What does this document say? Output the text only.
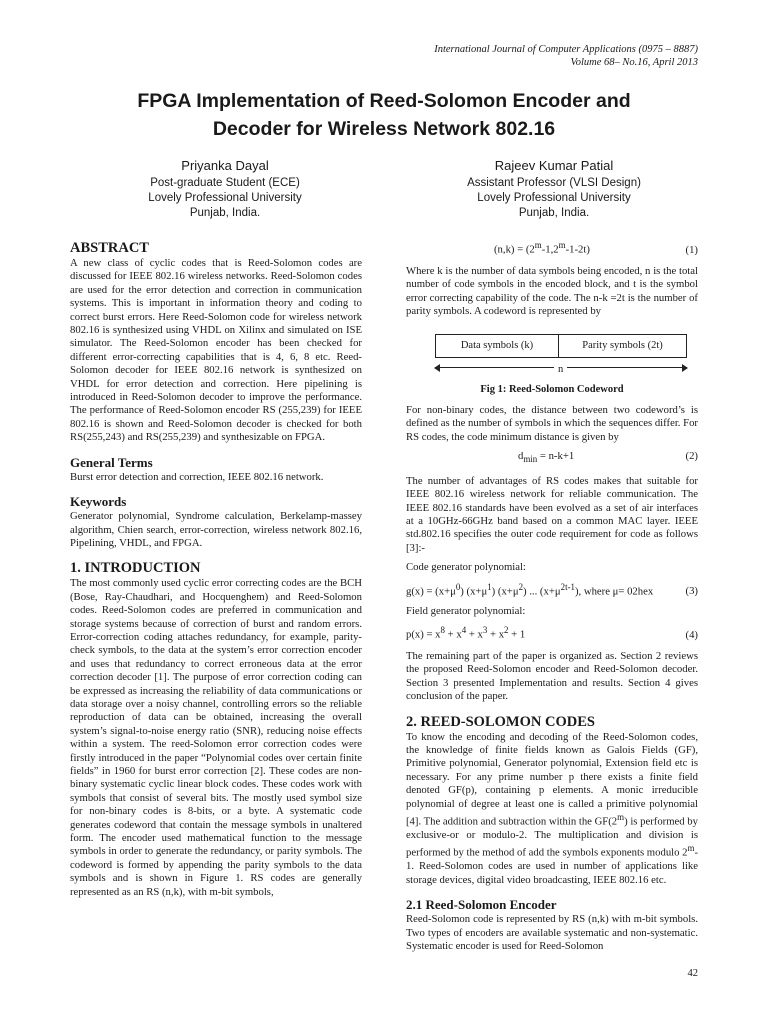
International Journal of Computer Applications (0975 – 8887)
Volume 68– No.16, April 2013
FPGA Implementation of Reed-Solomon Encoder and
Decoder for Wireless Network 802.16
Priyanka Dayal
Post-graduate Student (ECE)
Lovely Professional University
Punjab, India.
Rajeev Kumar Patial
Assistant Professor (VLSI Design)
Lovely Professional University
Punjab, India.
ABSTRACT

A new class of cyclic codes that is Reed-Solomon codes are discussed for IEEE 802.16 wireless networks. Reed-Solomon codes are used for the error detection and correction in communication systems. This is important in information theory and coding to correct burst errors. Here Reed-Solomon code for wireless network 802.16 is synthesized using VHDL on Xilinx and simulated on ISE simulator. The Reed-Solomon encoder has been checked for different error-correcting capabilities that is 4, 6, 8 etc. Reed-Solomon decoder for IEEE 802.16 network is synthesized on VHDL for error detection and correction. Here pipelining is introduced in Reed-Solomon decoder to improve the performance. The performance of Reed-Solomon encoder RS (255,239) for IEEE 802.16 is shown and Reed-Solomon decoder is checked for both RS(255,243) and RS(255,239) and synthesizable on FPGA.

General Terms

Burst error detection and correction, IEEE 802.16 network.

Keywords

Generator polynomial, Syndrome calculation, Berkelamp-massey algorithm, Chien search, error-correction, wireless network 802.16, Pipelining, VHDL, and FPGA.

1. INTRODUCTION

The most commonly used cyclic error correcting codes are the BCH (Bose, Ray-Chaudhari, and Hocquenghem) and Reed-Solomon codes. Reed-Solomon codes are preferred in communication and storage systems because of correction of burst and random errors. Error-correction coding attaches redundancy, for example, parity-check symbols, to the data at the system’s error correction encoder and uses that redundancy to correct erroneous data at the error correction decoder [1]. The purpose of error correction coding can be expressed as increasing the reliability of data communications or data storage over a noisy channel, controlling errors so the reliable reproduction of data can be obtained, increasing the overall system’s signal-to-noise energy ratio (SNR), reducing noise effects within a system. The reed-Solomon error correction codes were firstly introduced in the paper “Polynomial codes over certain finite fields” in 1960 for burst error correction [2]. These codes are non-binary systematic cyclic linear block codes. These codes work with symbols that consist of several bits. The mostly used symbol size for non-binary codes is 8-bits, or a byte. A systematic code generates codeword that contain the message symbols in unaltered form. The encoder used mathematical function to the message symbols in order to generate the redundancy, or parity symbols. The codeword is formed by appending the parity symbols to the data symbols and is shown in Figure 1. RS codes are generally represented as an RS (n,k), with m-bit symbols,

$(n,k) = (2^m-1,2^m-1-2t)$	(1)

Where k is the number of data symbols being encoded, n is the total number of code symbols in the encoded block, and t is the symbol error correcting capability of the code. The n-k =2t is the number of parity symbols. A codeword is represented by

Data symbols (k)	Parity symbols (2t)
n
Fig 1: Reed-Solomon Codeword

For non-binary codes, the distance between two codeword’s is defined as the number of symbols in which the sequences differ. For RS codes, the code minimum distance is given by

$d_{min} = n-k+1$	(2)

The number of advantages of RS codes makes that suitable for IEEE 802.16 wireless network for reliable communication. The IEEE 802.16 standards have been evolved as a set of air interfaces at a 10GHz-66GHz band based on a common MAC layer. IEEE std.802.16 specifies the outer code requirement for code as follows [3]:-

Code generator polynomial:

$g(x) = (x+\mu^0)$ $(x+\mu^1)$ $(x+\mu^2)$ ... $(x+\mu^{2t-1})$, where μ= 02hex	(3)

Field generator polynomial:

$p(x) = x^8 + x^4 + x^3 + x^2 + 1$	(4)

The remaining part of the paper is organized as. Section 2 reviews the proposed Reed-Solomon encoder and Reed-Solomon decoder. Section 3 presented Implementation and results. Section 4 gives conclusion of the paper.

2. REED-SOLOMON CODES

To know the encoding and decoding of the Reed-Solomon codes, the knowledge of finite fields known as Galois Fields (GF), Primitive polynomial, Generator polynomial, Extension field etc is necessary. For any prime number p there exists a finite field denoted GF(p), containing p elements. A monic irreducible polynomial of degree at least one is called a primitive polynomial [4]. The addition and subtraction within the GF(2$^m$) is performed by exclusive-or or modulo-2. The multiplication and division is performed by the method of add the symbols exponents modulo 2$^m$-1. Reed-Solomon codes are used in number of applications like storage devices, digital video broadcasting, IEEE 802.16 etc.

2.1 Reed-Solomon Encoder

Reed-Solomon code is represented by RS (n,k) with m-bit symbols. Two types of encoders are available systematic and non-systematic. Systematic encoder is used for Reed-Solomon

42
